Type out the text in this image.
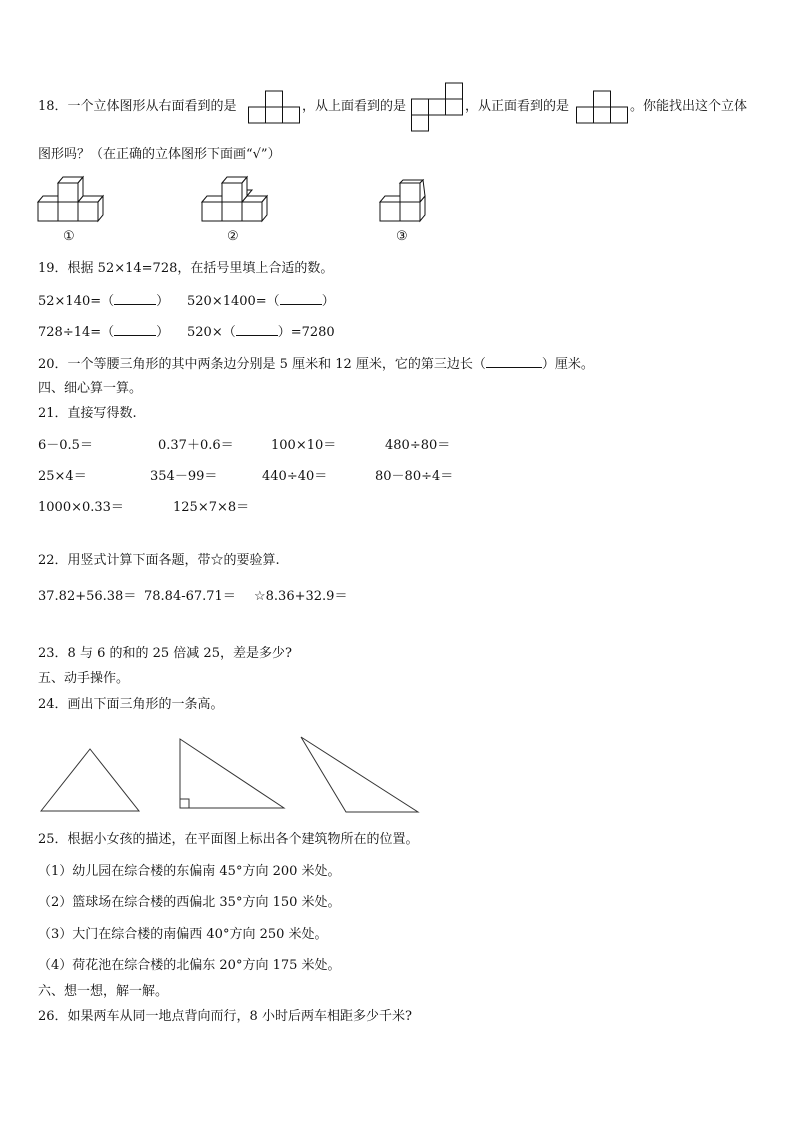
18．一个立体图形从右面看到的是	，从上面看到的是	，从正面看到的是	。你能找出这个立体
图形吗？（在正确的立体图形下面画“√”）
①	②	③
19．根据 52×14=728，在括号里填上合适的数。
52×140=（	） 520×1400=（	）
728÷14=（	） 520×（	）=7280
20．一个等腰三角形的其中两条边分别是 5 厘米和 12 厘米，它的第三边长（	）厘米。
四、细心算一算。
21．直接写得数.
6－0.5＝	0.37＋0.6＝	100×10＝	480÷80＝
25×4＝	354－99＝	440÷40＝	80－80÷4＝
1000×0.33＝	125×7×8＝
22．用竖式计算下面各题，带☆的要验算.
37.82+56.38＝ 78.84-67.71＝ ☆8.36+32.9＝
23．8 与 6 的和的 25 倍减 25，差是多少?
五、动手操作。
24．画出下面三角形的一条高。
25．根据小女孩的描述，在平面图上标出各个建筑物所在的位置。
（1）幼儿园在综合楼的东偏南 45°方向 200 米处。
（2）篮球场在综合楼的西偏北 35°方向 150 米处。
（3）大门在综合楼的南偏西 40°方向 250 米处。
（4）荷花池在综合楼的北偏东 20°方向 175 米处。
六、想一想，解一解。
26．如果两车从同一地点背向而行，8 小时后两车相距多少千米?
